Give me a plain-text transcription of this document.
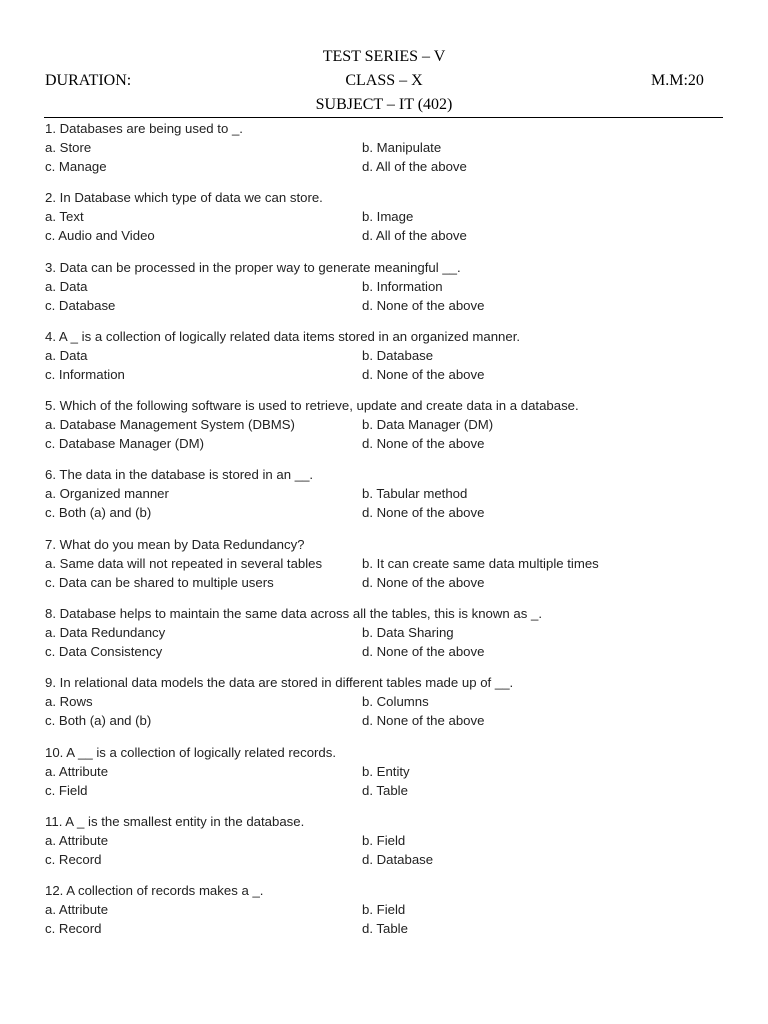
TEST SERIES – V
DURATION:	CLASS – X	M.M:20
SUBJECT – IT (402)
1. Databases are being used to _.
a. Store	b. Manipulate
c. Manage	d. All of the above
2. In Database which type of data we can store.
a. Text	b. Image
c. Audio and Video	d. All of the above
3. Data can be processed in the proper way to generate meaningful __.
a. Data	b. Information
c. Database	d. None of the above
4. A _ is a collection of logically related data items stored in an organized manner.
a. Data	b. Database
c. Information	d. None of the above
5. Which of the following software is used to retrieve, update and create data in a database.
a. Database Management System (DBMS)	b. Data Manager (DM)
c. Database Manager (DM)	d. None of the above
6. The data in the database is stored in an __.
a. Organized manner	b. Tabular method
c. Both (a) and (b)	d. None of the above
7. What do you mean by Data Redundancy?
a. Same data will not repeated in several tables	b. It can create same data multiple times
c. Data can be shared to multiple users	d. None of the above
8. Database helps to maintain the same data across all the tables, this is known as _.
a. Data Redundancy	b. Data Sharing
c. Data Consistency	d. None of the above
9. In relational data models the data are stored in different tables made up of __.
a. Rows	b. Columns
c. Both (a) and (b)	d. None of the above
10. A __ is a collection of logically related records.
a. Attribute	b. Entity
c. Field	d. Table
11. A _ is the smallest entity in the database.
a. Attribute	b. Field
c. Record	d. Database
12. A collection of records makes a _.
a. Attribute	b. Field
c. Record	d. Table
